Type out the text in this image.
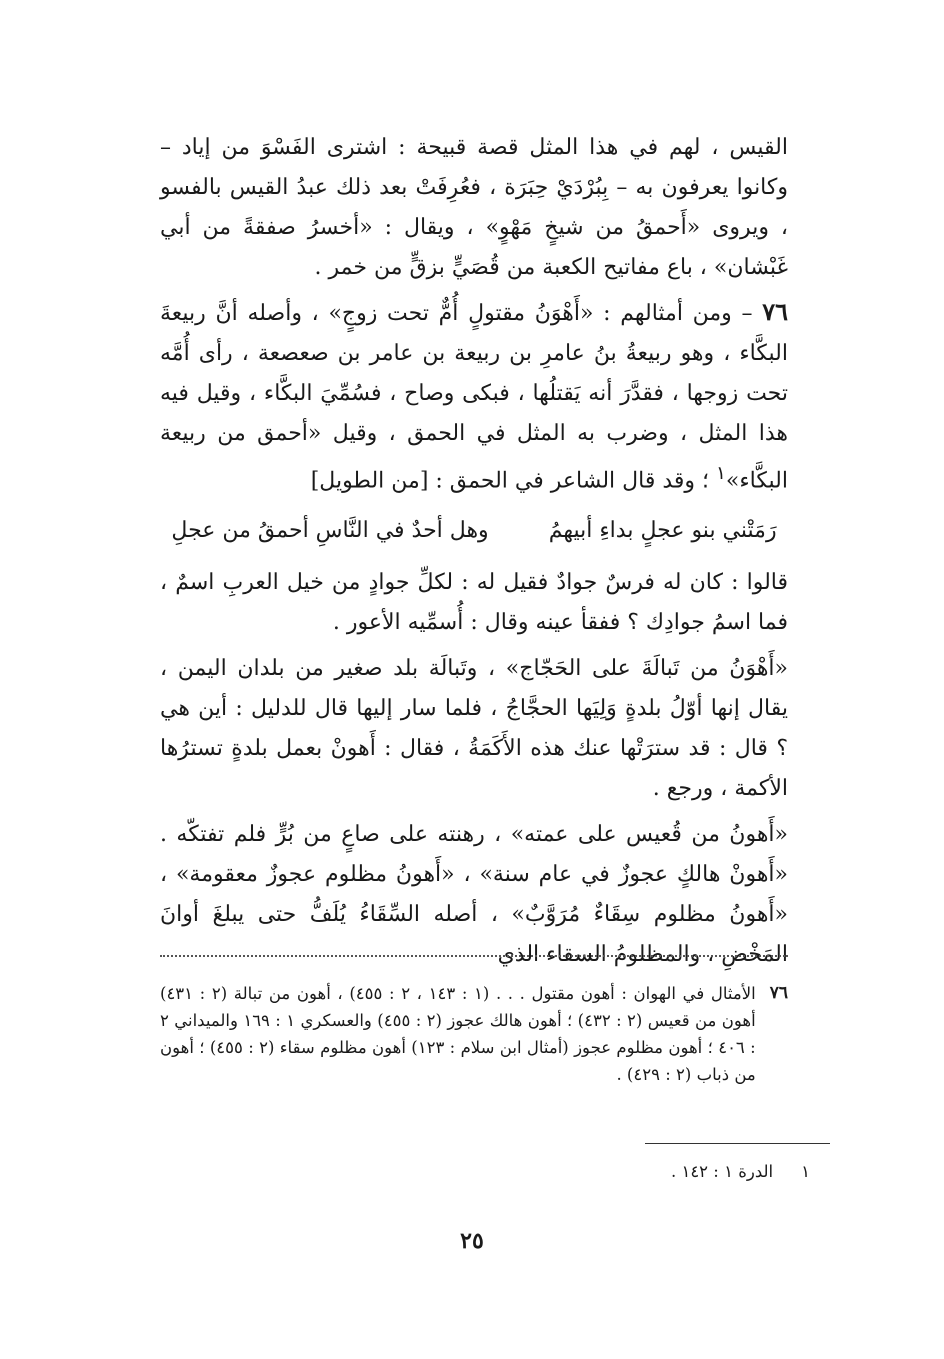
القيس ، لهم في هذا المثل قصة قبيحة : اشترى الفَسْوَ من إياد – وكانوا يعرفون به – بِبُرْدَيْ حِبَرَة ، فعُرِفَتْ بعد ذلك عبدُ القيس بالفسو ، ويروى «أَحمقُ من شيخٍ مَهْوٍ» ، ويقال : «أخسرُ صفقةً من أبي غَبْشان» ، باع مفاتيح الكعبة من قُصَيٍّ بزقٍّ من خمر .

٧٦ – ومن أمثالهم : «أَهْوَنُ مقتولٍ أُمٌّ تحت زوجٍ» ، وأصله أنَّ ربيعةَ البكَّاء ، وهو ربيعةُ بنُ عامرِ بن ربيعة بن عامر بن صعصعة ، رأى أُمَّه تحت زوجها ، فقدَّرَ أنه يَقتلُها ، فبكى وصاح ، فسُمِّيَ البكَّاء ، وقيل فيه هذا المثل ، وضرب به المثل في الحمق ، وقيل «أحمق من ربيعة البكَّاء»$^١$ ؛ وقد قال الشاعر في الحمق : [من الطويل]

رَمَتْني بنو عجلٍ بداءِ أبيهمُ
وهل أحدٌ في النَّاسِ أحمقُ من عجلِ

قالوا : كان له فرسٌ جوادٌ فقيل له : لكلِّ جوادٍ من خيل العربِ اسمٌ ، فما اسمُ جوادِك ؟ ففقأ عينه وقال : أُسمِّيه الأعور .

«أَهْوَنُ من تَبالَةَ على الحَجّاج» ، وتَبالَة بلد صغير من بلدان اليمن ، يقال إنها أوّلُ بلدةٍ وَلِيَها الحجَّاجُ ، فلما سار إليها قال للدليل : أين هي ؟ قال : قد سترَتْها عنك هذه الأَكَمَةُ ، فقال : أَهونْ بعمل بلدةٍ تسترُها الأكمة ، ورجع .

«أَهونُ من قُعيس على عمته» ، رهنته على صاعٍ من بُرٍّ فلم تفتكّه . «أَهونْ هالكٍ عجوزٌ في عام سنة» ، «أَهونُ مظلوم عجوزٌ معقومة» ، «أَهونُ مظلوم سِقَاءٌ مُرَوَّبٌ» ، أصله السِّقَاءُ يُلَفُّ حتى يبلغَ أوانَ المَخْضِ ، والمظلومُ السقاء الذي

٧٦
الأمثال في الهوان : أهون مقتول . . . (١ : ١٤٣ ، ٢ : ٤٥٥) ، أهون من تبالة (٢ : ٤٣١) أهون من قعيس (٢ : ٤٣٢) ؛ أهون هالك عجوز (٢ : ٤٥٥) والعسكري ١ : ١٦٩ والميداني ٢ : ٤٠٦ ؛ أهون مظلوم عجوز (أمثال ابن سلام : ١٢٣) أهون مظلوم سقاء (٢ : ٤٥٥) ؛ أهون من ذباب (٢ : ٤٢٩) .
١
الدرة ١ : ١٤٢ .
٢٥
